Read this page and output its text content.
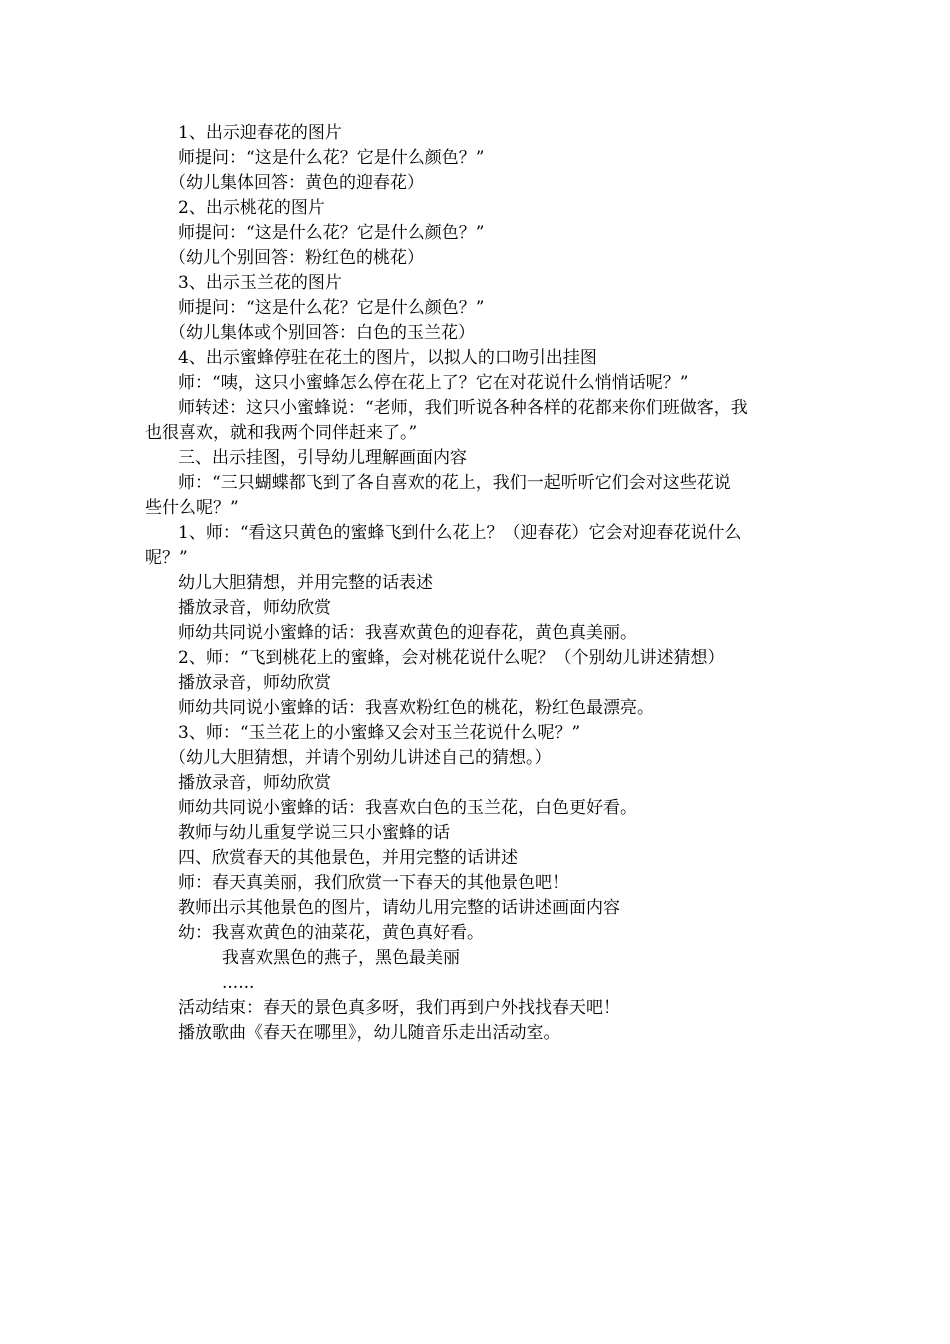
1、出示迎春花的图片
师提问：“这是什么花？它是什么颜色？”
（幼儿集体回答：黄色的迎春花）
2、出示桃花的图片
师提问：“这是什么花？它是什么颜色？”
（幼儿个别回答：粉红色的桃花）
3、出示玉兰花的图片
师提问：“这是什么花？它是什么颜色？”
（幼儿集体或个别回答：白色的玉兰花）
4、出示蜜蜂停驻在花土的图片，以拟人的口吻引出挂图
师：“咦，这只小蜜蜂怎么停在花上了？它在对花说什么悄悄话呢？”
师转述：这只小蜜蜂说：“老师，我们听说各种各样的花都来你们班做客，我
也很喜欢，就和我两个同伴赶来了。”
三、出示挂图，引导幼儿理解画面内容
师：“三只蝴蝶都飞到了各自喜欢的花上，我们一起听听它们会对这些花说
些什么呢？”
1、师：“看这只黄色的蜜蜂飞到什么花上？（迎春花）它会对迎春花说什么
呢？”
幼儿大胆猜想，并用完整的话表述
播放录音，师幼欣赏
师幼共同说小蜜蜂的话：我喜欢黄色的迎春花，黄色真美丽。
2、师：“飞到桃花上的蜜蜂，会对桃花说什么呢？（个别幼儿讲述猜想）
播放录音，师幼欣赏
师幼共同说小蜜蜂的话：我喜欢粉红色的桃花，粉红色最漂亮。
3、师：“玉兰花上的小蜜蜂又会对玉兰花说什么呢？”
（幼儿大胆猜想，并请个别幼儿讲述自己的猜想。）
播放录音，师幼欣赏
师幼共同说小蜜蜂的话：我喜欢白色的玉兰花，白色更好看。
教师与幼儿重复学说三只小蜜蜂的话
四、欣赏春天的其他景色，并用完整的话讲述
师：春天真美丽，我们欣赏一下春天的其他景色吧！
教师出示其他景色的图片，请幼儿用完整的话讲述画面内容
幼：我喜欢黄色的油菜花，黄色真好看。
我喜欢黑色的燕子，黑色最美丽
......
活动结束：春天的景色真多呀，我们再到户外找找春天吧！
播放歌曲《春天在哪里》，幼儿随音乐走出活动室。
